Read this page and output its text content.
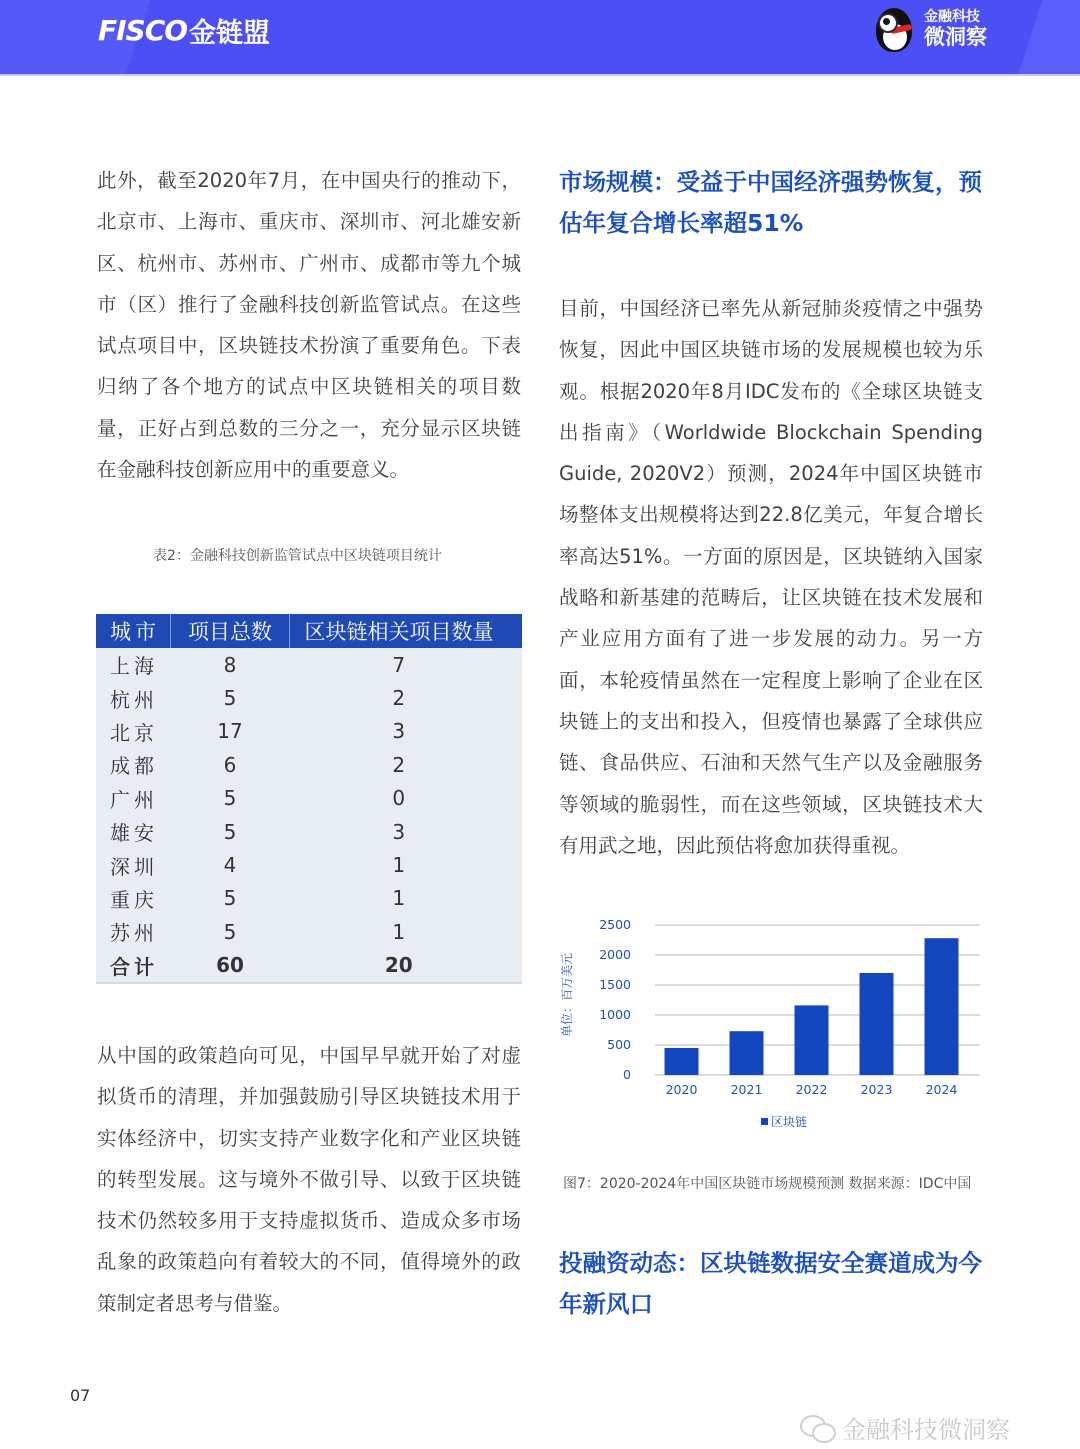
FISCO 金链盟
金融科技
微洞察

此外，截至2020年7月，在中国央行的推动下，北京市、上海市、重庆市、深圳市、河北雄安新区、杭州市、苏州市、广州市、成都市等九个城市（区）推行了金融科技创新监管试点。在这些试点项目中，区块链技术扮演了重要角色。下表归纳了各个地方的试点中区块链相关的项目数量，正好占到总数的三分之一，充分显示区块链在金融科技创新应用中的重要意义。

表2：金融科技创新监管试点中区块链项目统计
城市	项目总数	区块链相关项目数量
上海	8	7
杭州	5	2
北京	17	3
成都	6	2
广州	5	0
雄安	5	3
深圳	4	1
重庆	5	1
苏州	5	1
合计	60	20

从中国的政策趋向可见，中国早早就开始了对虚拟货币的清理，并加强鼓励引导区块链技术用于实体经济中，切实支持产业数字化和产业区块链的转型发展。这与境外不做引导、以致于区块链技术仍然较多用于支持虚拟货币、造成众多市场乱象的政策趋向有着较大的不同，值得境外的政策制定者思考与借鉴。

市场规模：受益于中国经济强势恢复，预估年复合增长率超51%

目前，中国经济已率先从新冠肺炎疫情之中强势恢复，因此中国区块链市场的发展规模也较为乐观。根据2020年8月IDC发布的《全球区块链支出指南》（Worldwide Blockchain Spending Guide, 2020V2）预测，2024年中国区块链市场整体支出规模将达到22.8亿美元，年复合增长率高达51%。一方面的原因是，区块链纳入国家战略和新基建的范畴后，让区块链在技术发展和产业应用方面有了进一步发展的动力。另一方面，本轮疫情虽然在一定程度上影响了企业在区块链上的支出和投入，但疫情也暴露了全球供应链、食品供应、石油和天然气生产以及金融服务等领域的脆弱性，而在这些领域，区块链技术大有用武之地，因此预估将愈加获得重视。

0
500
1000
1500
2000
2500
2020	2021	2022	2023	2024
单位：百万美元
区块链
图7：2020-2024年中国区块链市场规模预测 数据来源：IDC中国
投融资动态：区块链数据安全赛道成为今年新风口
07
金融科技微洞察
